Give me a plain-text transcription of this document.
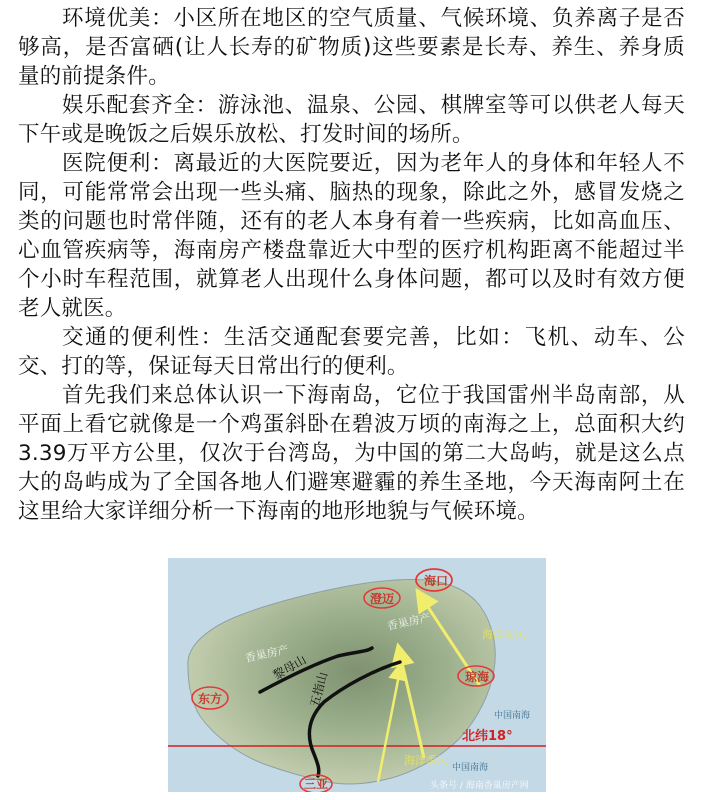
环境优美：小区所在地区的空气质量、气候环境、负养离子是否够高，是否富硒(让人长寿的矿物质)这些要素是长寿、养生、养身质量的前提条件。

娱乐配套齐全：游泳池、温泉、公园、棋牌室等可以供老人每天下午或是晚饭之后娱乐放松、打发时间的场所。

医院便利：离最近的大医院要近，因为老年人的身体和年轻人不同，可能常常会出现一些头痛、脑热的现象，除此之外，感冒发烧之类的问题也时常伴随，还有的老人本身有着一些疾病，比如高血压、心血管疾病等，海南房产楼盘靠近大中型的医疗机构距离不能超过半个小时车程范围，就算老人出现什么身体问题，都可以及时有效方便老人就医。

交通的便利性：生活交通配套要完善，比如：飞机、动车、公交、打的等，保证每天日常出行的便利。

首先我们来总体认识一下海南岛，它位于我国雷州半岛南部，从平面上看它就像是一个鸡蛋斜卧在碧波万顷的南海之上，总面积大约3.39万平方公里，仅次于台湾岛，为中国的第二大岛屿，就是这么点大的岛屿成为了全国各地人们避寒避霾的养生圣地，今天海南阿土在这里给大家详细分析一下海南的地形地貌与气候环境。

海口
澄迈
琼海
东方
三亚
黎母山
五指山
海洋季风
海洋季风
北纬18°
中国南海
中国南海
香巢房产
香巢房产
头条号 / 海南香巢房产网
